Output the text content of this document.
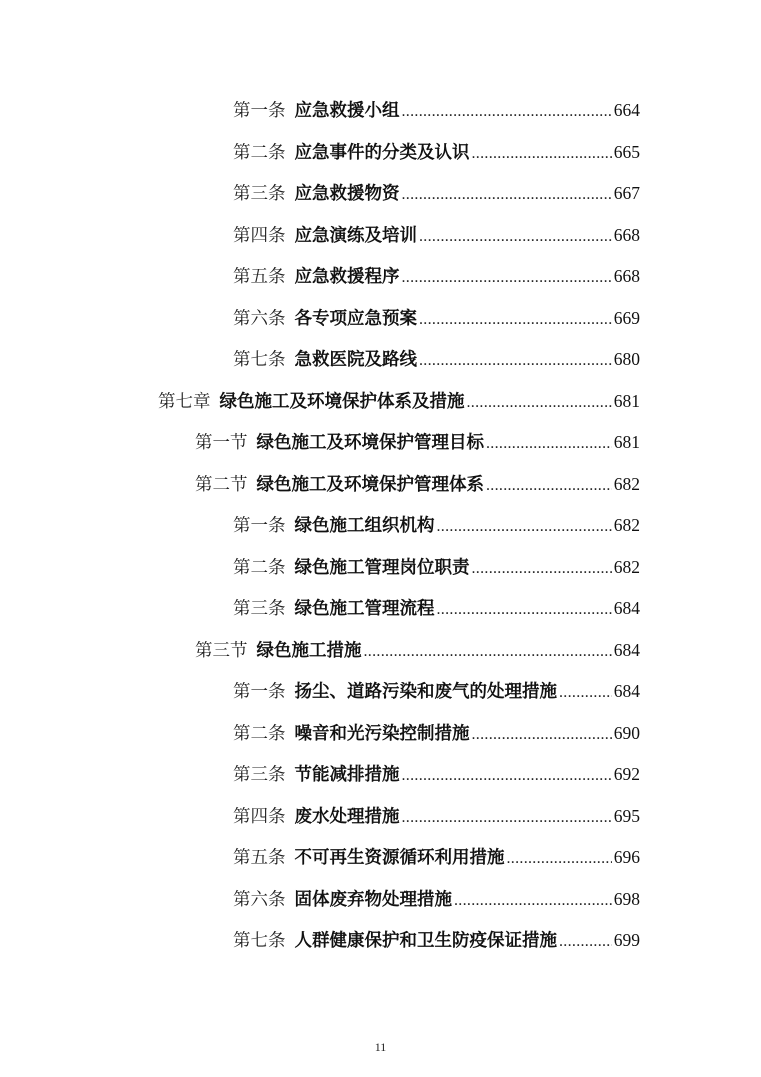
第一条 应急救援小组 .....	664
第二条 应急事件的分类及认识 .....	665
第三条 应急救援物资 .....	667
第四条 应急演练及培训 .....	668
第五条 应急救援程序 .....	668
第六条 各专项应急预案 .....	669
第七条 急救医院及路线 .....	680
第七章 绿色施工及环境保护体系及措施 .....	681
第一节 绿色施工及环境保护管理目标 .....	681
第二节 绿色施工及环境保护管理体系 .....	682
第一条 绿色施工组织机构 .....	682
第二条 绿色施工管理岗位职责 .....	682
第三条 绿色施工管理流程 .....	684
第三节 绿色施工措施 .....	684
第一条 扬尘、道路污染和废气的处理措施 .....	684
第二条 噪音和光污染控制措施 .....	690
第三条 节能减排措施 .....	692
第四条 废水处理措施 .....	695
第五条 不可再生资源循环利用措施 .....	696
第六条 固体废弃物处理措施 .....	698
第七条 人群健康保护和卫生防疫保证措施 .....	699
11
